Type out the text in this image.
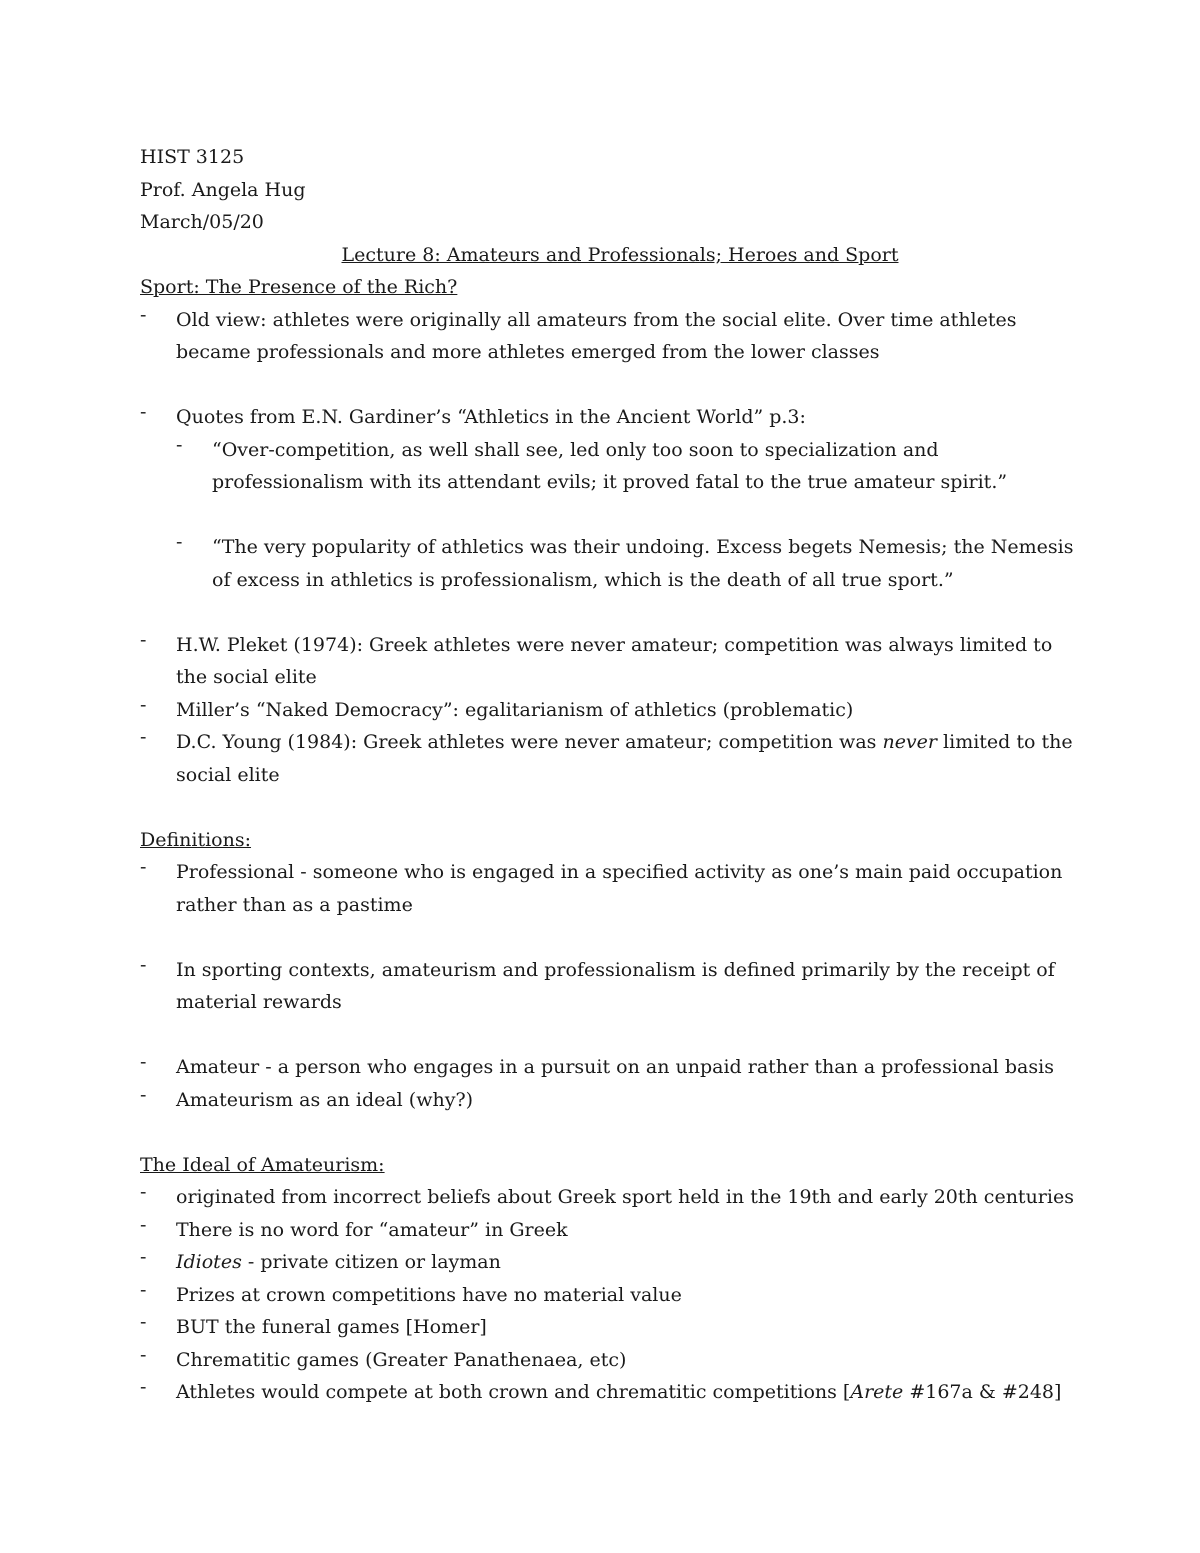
HIST 3125
Prof. Angela Hug
March/05/20
Lecture 8: Amateurs and Professionals; Heroes and Sport
Sport: The Presence of the Rich?
-	Old view: athletes were originally all amateurs from the social elite. Over time athletes became professionals and more athletes emerged from the lower classes
-	Quotes from E.N. Gardiner’s “Athletics in the Ancient World” p.3:
-	“Over-competition, as well shall see, led only too soon to specialization and professionalism with its attendant evils; it proved fatal to the true amateur spirit.”
-	“The very popularity of athletics was their undoing. Excess begets Nemesis; the Nemesis of excess in athletics is professionalism, which is the death of all true sport.”
-	H.W. Pleket (1974): Greek athletes were never amateur; competition was always limited to the social elite
-	Miller’s “Naked Democracy”: egalitarianism of athletics (problematic)
-	D.C. Young (1984): Greek athletes were never amateur; competition was never limited to the social elite
Definitions:
-	Professional - someone who is engaged in a specified activity as one’s main paid occupation rather than as a pastime
-	In sporting contexts, amateurism and professionalism is defined primarily by the receipt of material rewards
-	Amateur - a person who engages in a pursuit on an unpaid rather than a professional basis
-	Amateurism as an ideal (why?)
The Ideal of Amateurism:
-	originated from incorrect beliefs about Greek sport held in the 19th and early 20th centuries
-	There is no word for “amateur” in Greek
-	Idiotes - private citizen or layman
-	Prizes at crown competitions have no material value
-	BUT the funeral games [Homer]
-	Chrematitic games (Greater Panathenaea, etc)
-	Athletes would compete at both crown and chrematitic competitions [Arete #167a & #248]
